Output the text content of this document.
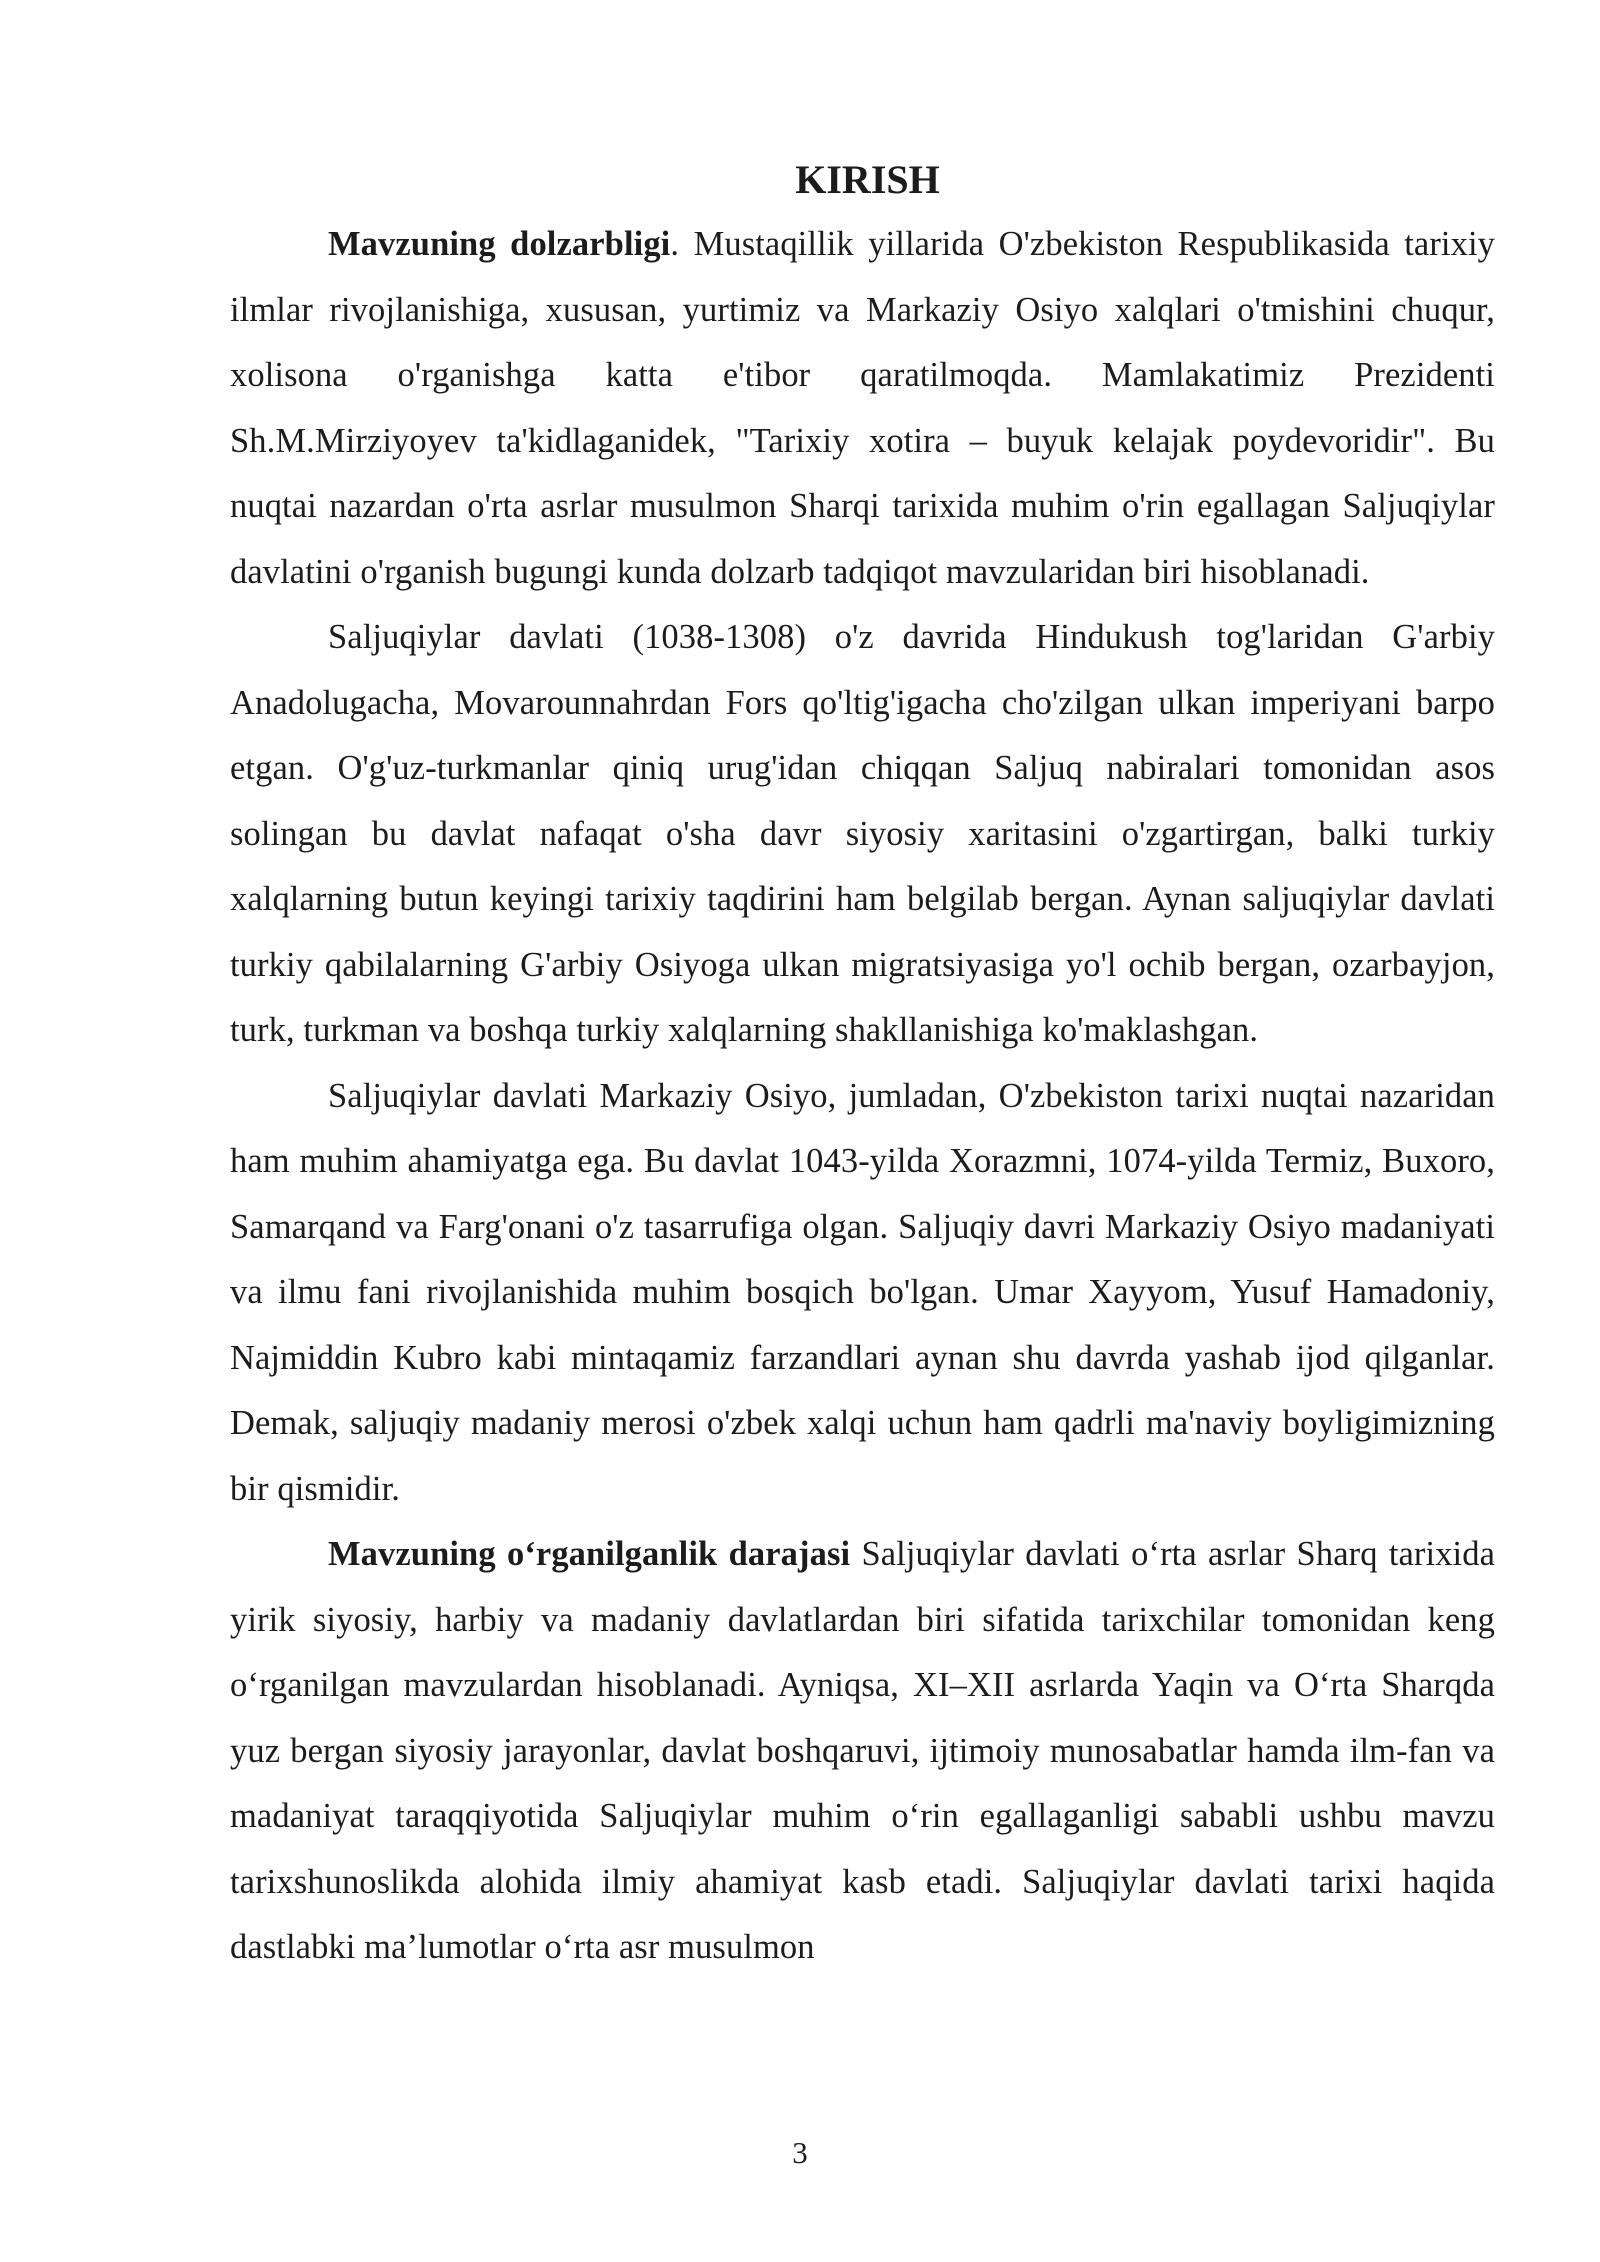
KIRISH

Mavzuning dolzarbligi. Mustaqillik yillarida O'zbekiston Respublikasida tarixiy ilmlar rivojlanishiga, xususan, yurtimiz va Markaziy Osiyo xalqlari o'tmishini chuqur, xolisona o'rganishga katta e'tibor qaratilmoqda. Mamlakatimiz Prezidenti Sh.M.Mirziyoyev ta'kidlaganidek, "Tarixiy xotira – buyuk kelajak poydevoridir". Bu nuqtai nazardan o'rta asrlar musulmon Sharqi tarixida muhim o'rin egallagan Saljuqiylar davlatini o'rganish bugungi kunda dolzarb tadqiqot mavzularidan biri hisoblanadi.

Saljuqiylar davlati (1038-1308) o'z davrida Hindukush tog'laridan G'arbiy Anadolugacha, Movarounnahrdan Fors qo'ltig'igacha cho'zilgan ulkan imperiyani barpo etgan. O'g'uz-turkmanlar qiniq urug'idan chiqqan Saljuq nabiralari tomonidan asos solingan bu davlat nafaqat o'sha davr siyosiy xaritasini o'zgartirgan, balki turkiy xalqlarning butun keyingi tarixiy taqdirini ham belgilab bergan. Aynan saljuqiylar davlati turkiy qabilalarning G'arbiy Osiyoga ulkan migratsiyasiga yo'l ochib bergan, ozarbayjon, turk, turkman va boshqa turkiy xalqlarning shakllanishiga ko'maklashgan.

Saljuqiylar davlati Markaziy Osiyo, jumladan, O'zbekiston tarixi nuqtai nazaridan ham muhim ahamiyatga ega. Bu davlat 1043-yilda Xorazmni, 1074-yilda Termiz, Buxoro, Samarqand va Farg'onani o'z tasarrufiga olgan. Saljuqiy davri Markaziy Osiyo madaniyati va ilmu fani rivojlanishida muhim bosqich bo'lgan. Umar Xayyom, Yusuf Hamadoniy, Najmiddin Kubro kabi mintaqamiz farzandlari aynan shu davrda yashab ijod qilganlar. Demak, saljuqiy madaniy merosi o'zbek xalqi uchun ham qadrli ma'naviy boyligimizning bir qismidir.

Mavzuning oʻrganilganlik darajasi Saljuqiylar davlati oʻrta asrlar Sharq tarixida yirik siyosiy, harbiy va madaniy davlatlardan biri sifatida tarixchilar tomonidan keng oʻrganilgan mavzulardan hisoblanadi. Ayniqsa, XI–XII asrlarda Yaqin va Oʻrta Sharqda yuz bergan siyosiy jarayonlar, davlat boshqaruvi, ijtimoiy munosabatlar hamda ilm-fan va madaniyat taraqqiyotida Saljuqiylar muhim oʻrin egallaganligi sababli ushbu mavzu tarixshunoslikda alohida ilmiy ahamiyat kasb etadi. Saljuqiylar davlati tarixi haqida dastlabki ma’lumotlar oʻrta asr musulmon

3
